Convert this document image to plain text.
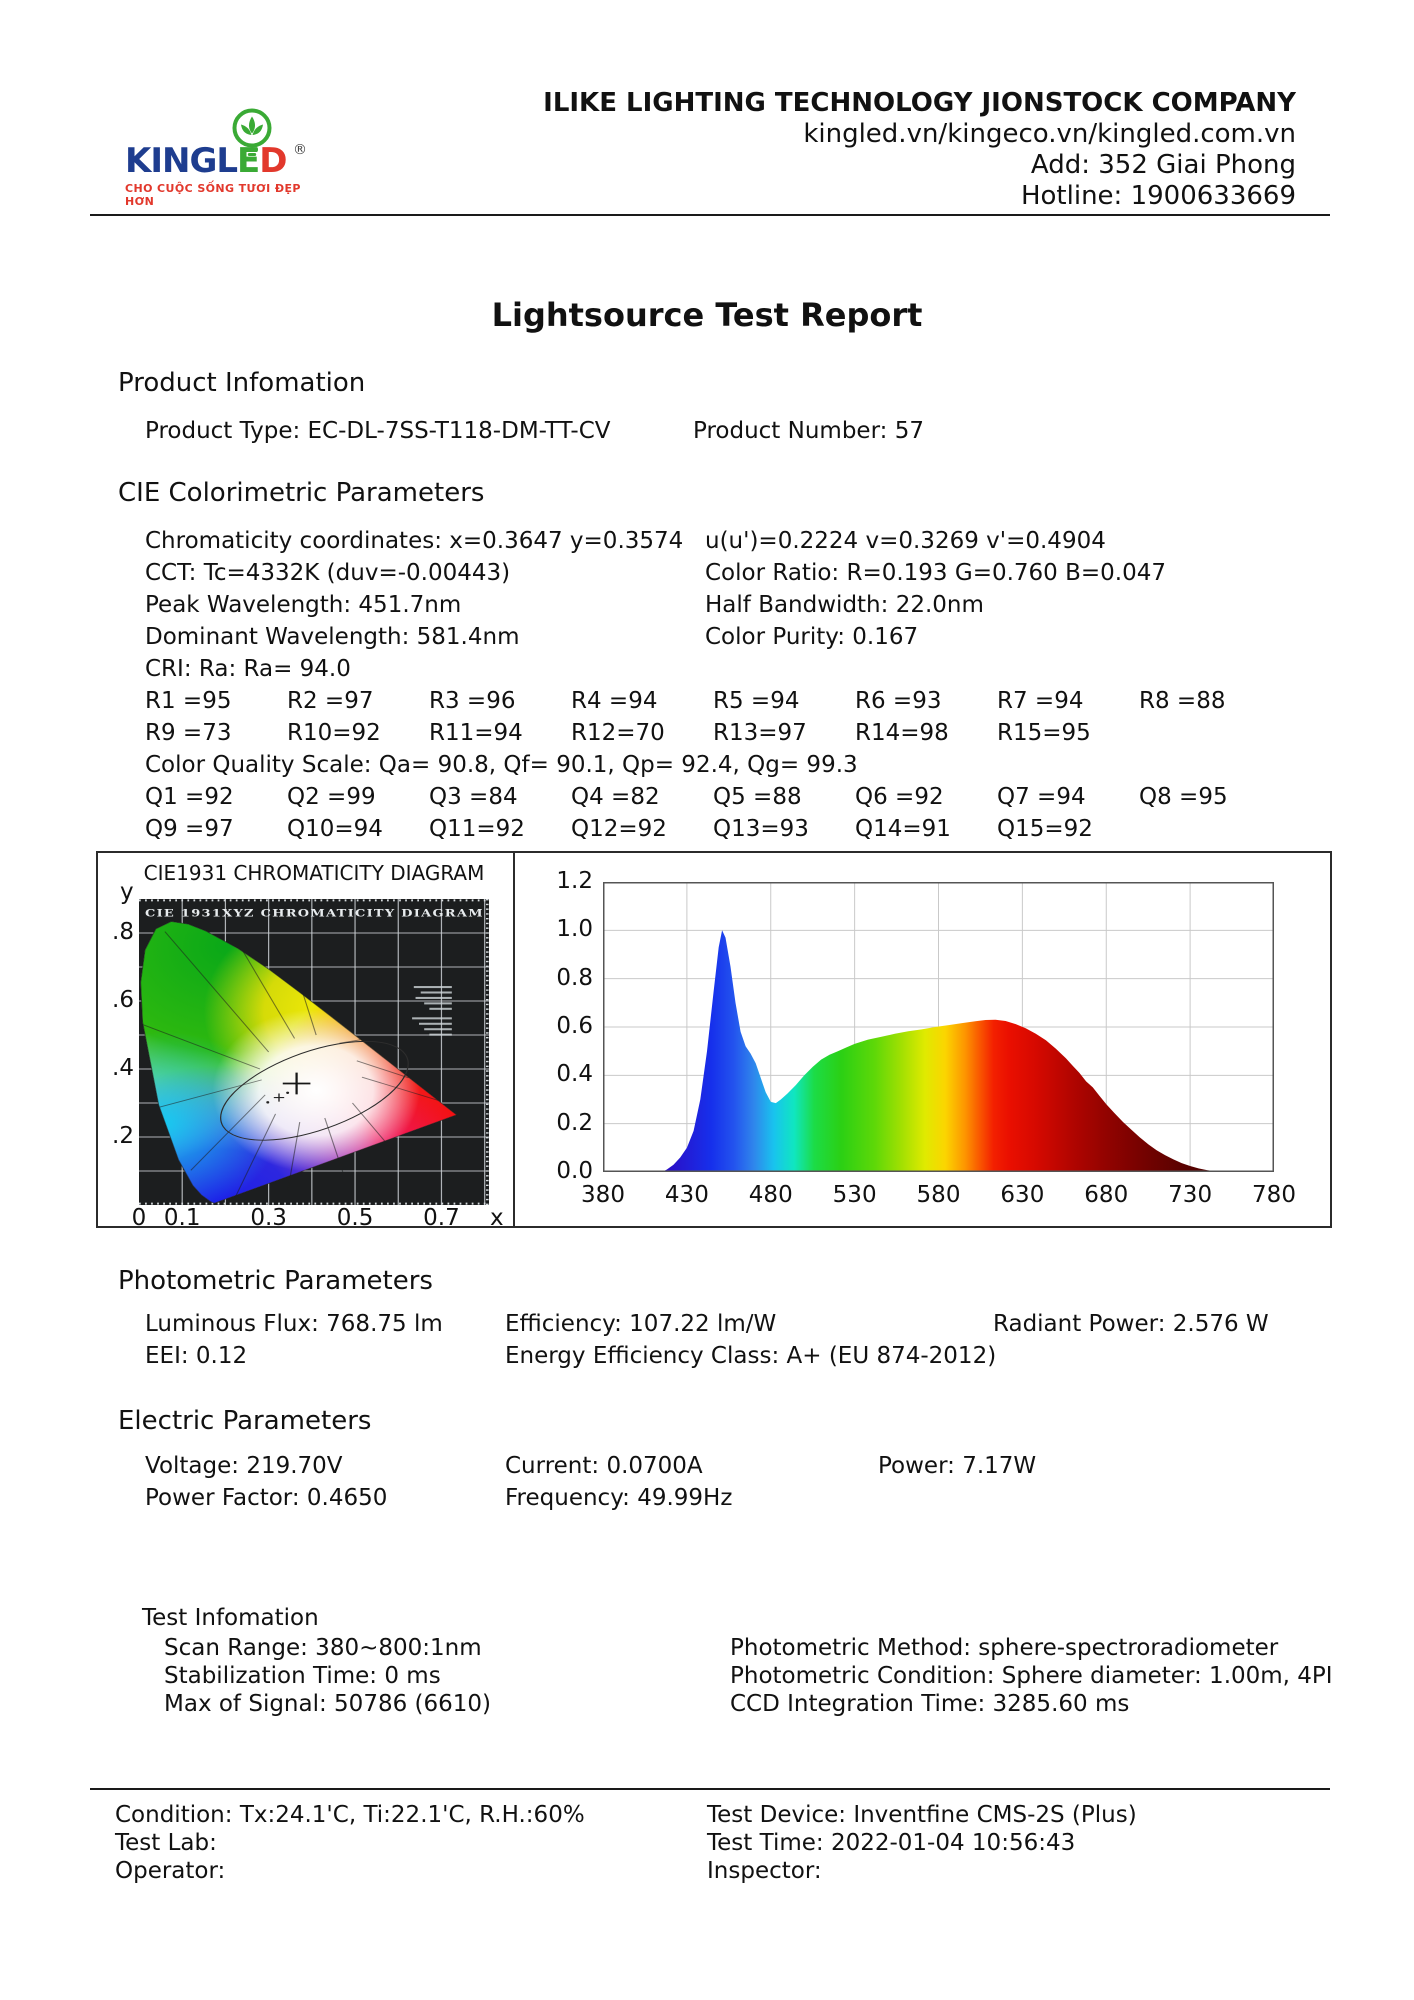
KINGLED ®
CHO CUỘC SỐNG TƯƠI ĐẸP HƠN
ILIKE LIGHTING TECHNOLOGY JIONSTOCK COMPANY
kingled.vn/kingeco.vn/kingled.com.vn
Add: 352 Giai Phong
Hotline: 1900633669
Lightsource Test Report
Product Infomation
Product Type: EC-DL-7SS-T118-DM-TT-CV	Product Number: 57
CIE Colorimetric Parameters
Chromaticity coordinates: x=0.3647 y=0.3574 u(u')=0.2224 v=0.3269 v'=0.4904
CCT: Tc=4332K (duv=-0.00443)	Color Ratio: R=0.193 G=0.760 B=0.047
Peak Wavelength: 451.7nm	Half Bandwidth: 22.0nm
Dominant Wavelength: 581.4nm	Color Purity: 0.167
CRI: Ra: Ra= 94.0
R1 =95 R2 =97 R3 =96 R4 =94 R5 =94 R6 =93 R7 =94 R8 =88
R9 =73 R10=92 R11=94 R12=70 R13=97 R14=98 R15=95
Color Quality Scale: Qa= 90.8, Qf= 90.1, Qp= 92.4, Qg= 99.3
Q1 =92 Q2 =99 Q3 =84 Q4 =82 Q5 =88 Q6 =92 Q7 =94 Q8 =95
Q9 =97 Q10=94 Q11=92 Q12=92 Q13=93 Q14=91 Q15=92
CIE1931 CHROMATICITY DIAGRAM
y
CIE 1931XYZ CHROMATICITY DIAGRAM
.8
.6
.4
.2
0 0.1 0.3 0.5 0.7 x
1.2
1.0
0.8
0.6
0.4
0.2
0.0
380 430 480 530 580 630 680 730 780
Photometric Parameters
Luminous Flux: 768.75 lm	Efficiency: 107.22 lm/W	Radiant Power: 2.576 W
EEI: 0.12	Energy Efficiency Class: A+ (EU 874-2012)
Electric Parameters
Voltage: 219.70V	Current: 0.0700A	Power: 7.17W
Power Factor: 0.4650	Frequency: 49.99Hz
Test Infomation
Scan Range: 380~800:1nm	Photometric Method: sphere-spectroradiometer
Stabilization Time: 0 ms	Photometric Condition: Sphere diameter: 1.00m, 4PI
Max of Signal: 50786 (6610)	CCD Integration Time: 3285.60 ms
Condition: Tx:24.1'C, Ti:22.1'C, R.H.:60%	Test Device: Inventfine CMS-2S (Plus)
Test Lab:	Test Time: 2022-01-04 10:56:43
Operator:	Inspector:
